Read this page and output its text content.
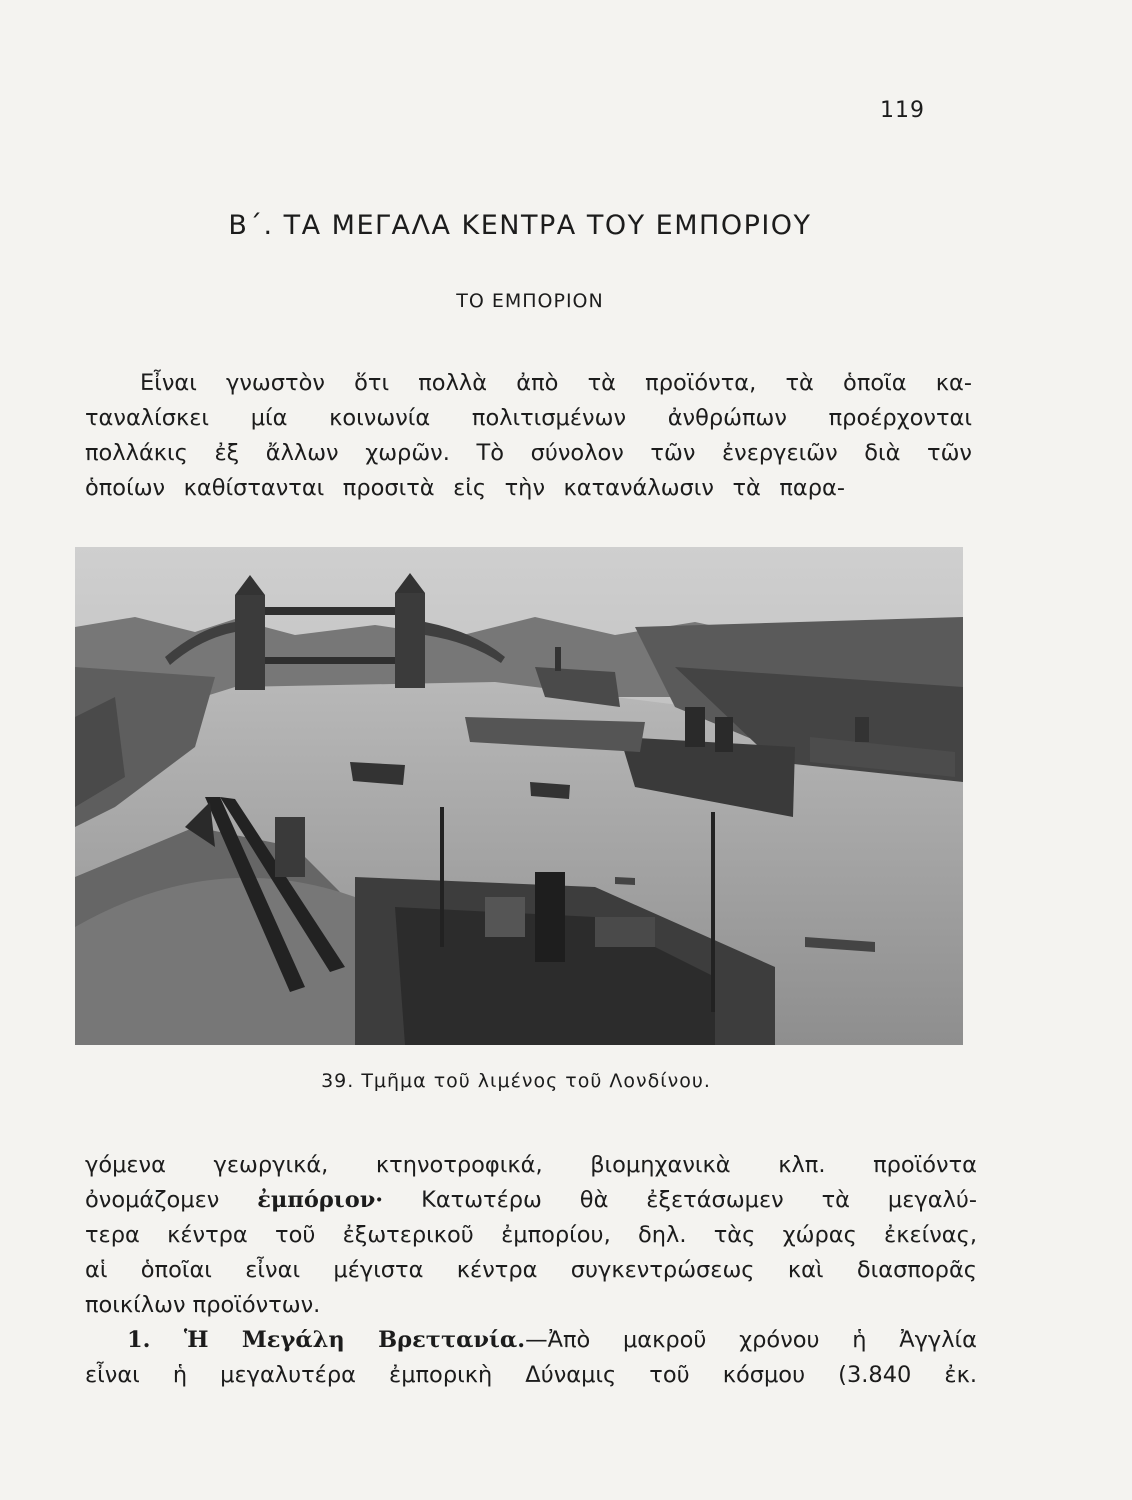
119
Β΄. ΤΑ ΜΕΓΑΛΑ ΚΕΝΤΡΑ ΤΟΥ ΕΜΠΟΡΙΟΥ
ΤΟ ΕΜΠΟΡΙΟΝ
Εἶναι γνωστὸν ὅτι πολλὰ ἀπὸ τὰ προϊόντα, τὰ ὁποῖα κα-
ταναλίσκει μία κοινωνία πολιτισμένων ἀνθρώπων προέρχονται
πολλάκις ἐξ ἄλλων χωρῶν. Τὸ σύνολον τῶν ἐνεργειῶν διὰ τῶν
ὁποίων καθίστανται προσιτὰ εἰς τὴν κατανάλωσιν τὰ παρα-
39. Τμῆμα τοῦ λιμένος τοῦ Λονδίνου.
γόμενα γεωργικά, κτηνοτροφικά, βιομηχανικὰ κλπ. προϊόντα
ὀνομάζομεν ἐμπόριον· Κατωτέρω θὰ ἐξετάσωμεν τὰ μεγαλύ-
τερα κέντρα τοῦ ἐξωτερικοῦ ἐμπορίου, δηλ. τὰς χώρας ἐκείνας,
αἱ ὁποῖαι εἶναι μέγιστα κέντρα συγκεντρώσεως καὶ διασπορᾶς
ποικίλων προϊόντων.
1. Ἡ Μεγάλη Βρεττανία.—Ἀπὸ μακροῦ χρόνου ἡ Ἀγγλία
εἶναι ἡ μεγαλυτέρα ἐμπορικὴ Δύναμις τοῦ κόσμου (3.840 ἐκ.
